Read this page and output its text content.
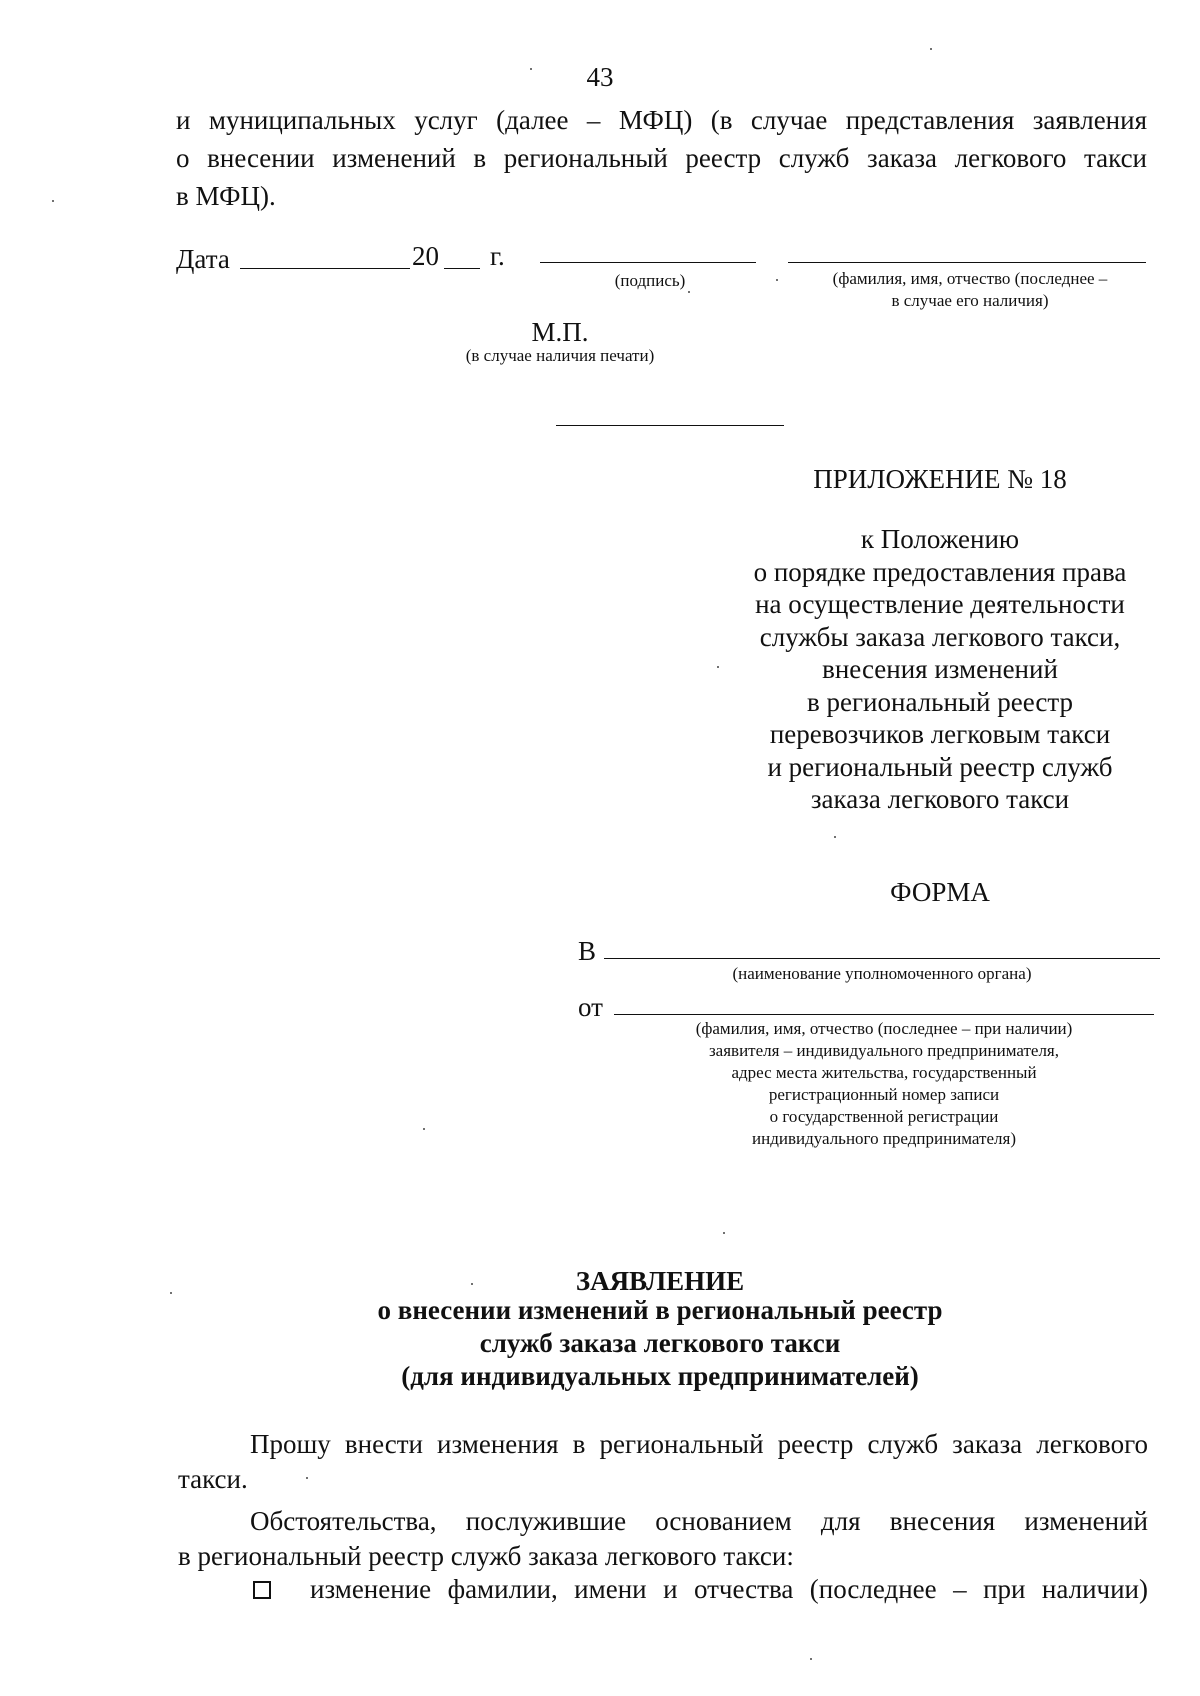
43
и муниципальных услуг (далее – МФЦ) (в случае представления заявления
о внесении изменений в региональный реестр служб заказа легкового такси
в МФЦ).
Дата	20 г.
(подпись)	(фамилия, имя, отчество (последнее –
в случае его наличия)
М.П.
(в случае наличия печати)
ПРИЛОЖЕНИЕ № 18
к Положению
о порядке предоставления права
на осуществление деятельности
службы заказа легкового такси,
внесения изменений
в региональный реестр
перевозчиков легковым такси
и региональный реестр служб
заказа легкового такси
ФОРМА
В
(наименование уполномоченного органа)
от
(фамилия, имя, отчество (последнее – при наличии)
заявителя – индивидуального предпринимателя,
адрес места жительства, государственный
регистрационный номер записи
о государственной регистрации
индивидуального предпринимателя)
ЗАЯВЛЕНИЕ
о внесении изменений в региональный реестр
служб заказа легкового такси
(для индивидуальных предпринимателей)
Прошу внести изменения в региональный реестр служб заказа легкового
такси.
Обстоятельства, послужившие основанием для внесения изменений
в региональный реестр служб заказа легкового такси:
изменение фамилии, имени и отчества (последнее – при наличии)
